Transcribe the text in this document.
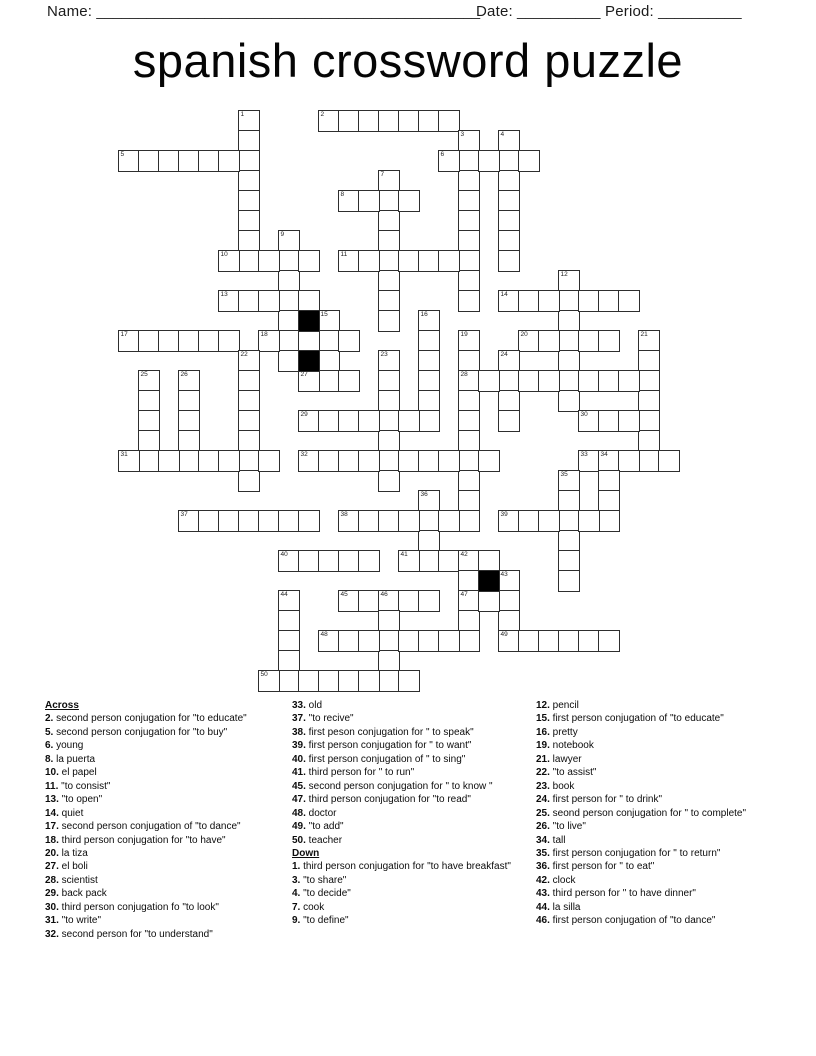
Name: ______________________________________________
Date: __________ Period: __________
spanish crossword puzzle
1	2
3	4
5	6
7
8
9
10	11
12
13	14
15	16
17	18	19
28
20	21
22	23	24
25	26	27
29	30
31	32	33 34
35
36
37	38	39
40	41	42
47
43
49
44	45	46
48
50
Across
2. second person conjugation for "to educate"
5. second person conjugation for "to buy"
6. young
8. la puerta
10. el papel
11. "to consist"
13. "to open"
14. quiet
17. second person conjugation of "to dance"
18. third person conjugation for "to have"
20. la tiza
27. el boli
28. scientist
29. back pack
30. third person conjugation fo "to look"
31. "to write"
32. second person for "to understand"
33. old
37. "to recive"
38. first peson conjugation for " to speak"
39. first person conjugation for " to want"
40. first person conjugation of " to sing"
41. third person for " to run"
45. second person conjugation for " to know "
47. third person conjugation for "to read"
48. doctor
49. "to add"
50. teacher
Down
1. third person conjugation for "to have breakfast"
3. "to share"
4. "to decide"
7. cook
9. "to define"
12. pencil
15. first person conjugation of "to educate"
16. pretty
19. notebook
21. lawyer
22. "to assist"
23. book
24. first person for " to drink"
25. seond person conjugation for " to complete"
26. "to live"
34. tall
35. first person conjugation for " to return"
36. first person for " to eat"
42. clock
43. third person for " to have dinner"
44. la silla
46. first person conjugation of "to dance"
